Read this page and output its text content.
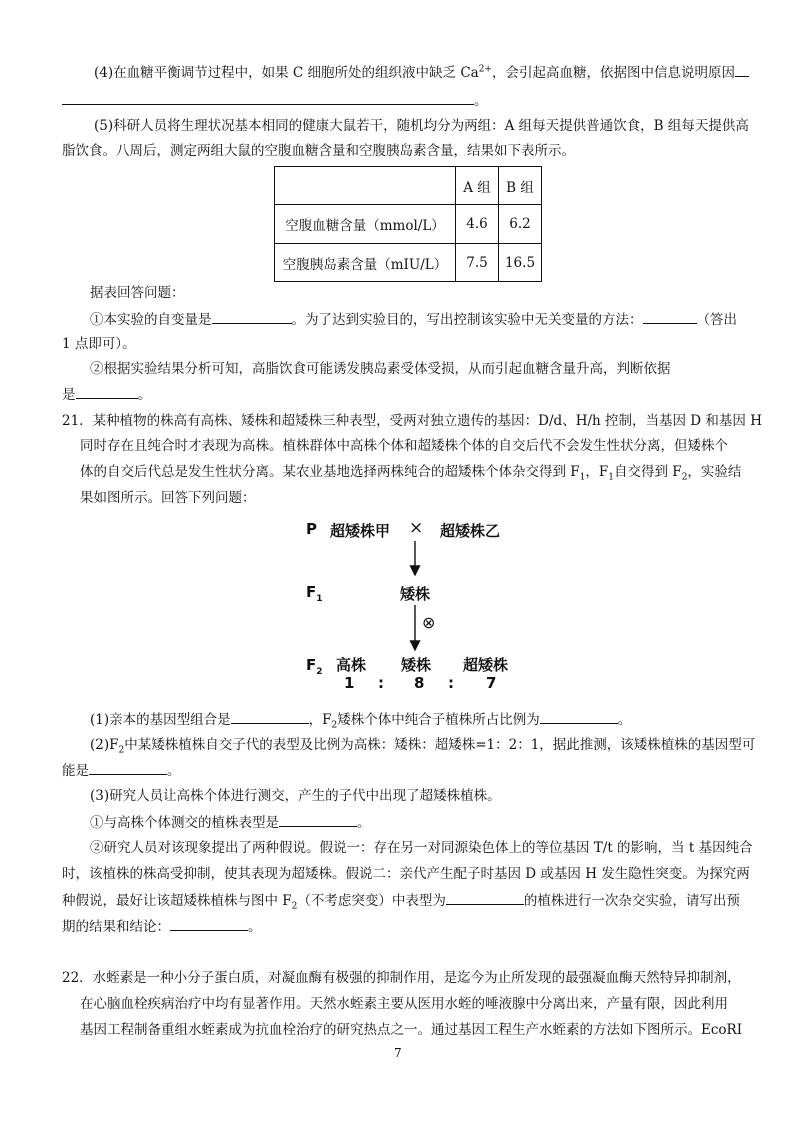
(4)在血糖平衡调节过程中，如果 C 细胞所处的组织液中缺乏 $Ca^{2+}$，会引起高血糖，依据图中信息说明原因
。
(5)科研人员将生理状况基本相同的健康大鼠若干，随机均分为两组：A 组每天提供普通饮食，B 组每天提供高
脂饮食。八周后，测定两组大鼠的空腹血糖含量和空腹胰岛素含量，结果如下表所示。
	A 组	B 组
空腹血糖含量（mmol/L）	4.6	6.2
空腹胰岛素含量（mIU/L）	7.5	16.5
据表回答问题：
①本实验的自变量是	。为了达到实验目的，写出控制该实验中无关变量的方法：	（答出
1 点即可）。
②根据实验结果分析可知，高脂饮食可能诱发胰岛素受体受损，从而引起血糖含量升高，判断依据
是	。
21．某种植物的株高有高株、矮株和超矮株三种表型，受两对独立遗传的基因：D/d、H/h 控制，当基因 D 和基因 H
同时存在且纯合时才表现为高株。植株群体中高株个体和超矮株个体的自交后代不会发生性状分离，但矮株个
体的自交后代总是发生性状分离。某农业基地选择两株纯合的超矮株个体杂交得到 $F_1$，$F_1$自交得到 $F_2$，实验结
果如图所示。回答下列问题：
P 超矮株甲 × 超矮株乙
$F_1$	矮株
⊗
$F_2$ 高株 矮株 超矮株
1 : 8 : 7
(1)亲本的基因型组合是	，$F_2$矮株个体中纯合子植株所占比例为	。
$(2)F_2$中某矮株植株自交子代的表型及比例为高株：矮株：超矮株=1：2：1，据此推测，该矮株植株的基因型可
能是	。
(3)研究人员让高株个体进行测交，产生的子代中出现了超矮株植株。
①与高株个体测交的植株表型是	。
②研究人员对该现象提出了两种假说。假说一：存在另一对同源染色体上的等位基因 T/t 的影响，当 t 基因纯合
时，该植株的株高受抑制，使其表现为超矮株。假说二：亲代产生配子时基因 D 或基因 H 发生隐性突变。为探究两
种假说，最好让该超矮株植株与图中 $F_2$（不考虑突变）中表型为	的植株进行一次杂交实验，请写出预
期的结果和结论：	。
22．水蛭素是一种小分子蛋白质，对凝血酶有极强的抑制作用，是迄今为止所发现的最强凝血酶天然特异抑制剂，
在心脑血栓疾病治疗中均有显著作用。天然水蛭素主要从医用水蛭的唾液腺中分离出来，产量有限，因此利用
基因工程制备重组水蛭素成为抗血栓治疗的研究热点之一。通过基因工程生产水蛭素的方法如下图所示。EcoRI
7
